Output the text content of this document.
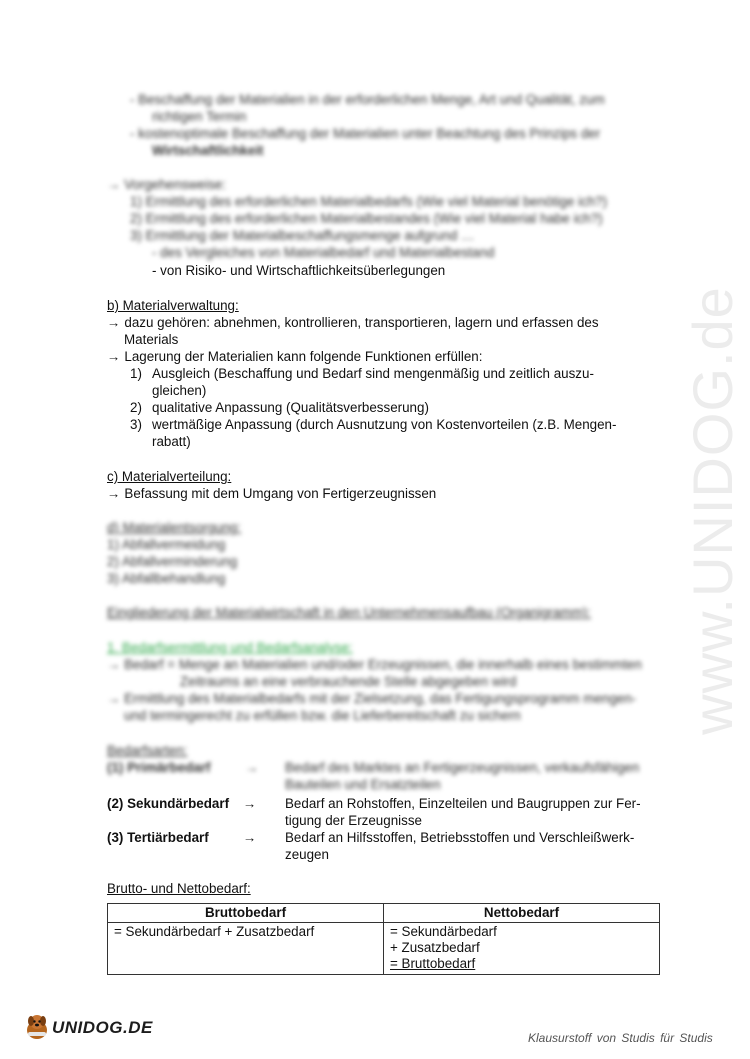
www.UNIDOG.de
- Beschaffung der Materialien in der erforderlichen Menge, Art und Qualität, zum
richtigen Termin
- kostenoptimale Beschaffung der Materialien unter Beachtung des Prinzips der
Wirtschaftlichkeit
→ Vorgehensweise:
1) Ermittlung des erforderlichen Materialbedarfs (Wie viel Material benötige ich?)
2) Ermittlung des erforderlichen Materialbestandes (Wie viel Material habe ich?)
3) Ermittlung der Materialbeschaffungsmenge aufgrund …
- des Vergleiches von Materialbedarf und Materialbestand
- von Risiko- und Wirtschaftlichkeitsüberlegungen
b) Materialverwaltung:
→ dazu gehören: abnehmen, kontrollieren, transportieren, lagern und erfassen des
Materials
→ Lagerung der Materialien kann folgende Funktionen erfüllen:
1) Ausgleich (Beschaffung und Bedarf sind mengenmäßig und zeitlich auszu-
gleichen)
2) qualitative Anpassung (Qualitätsverbesserung)
3) wertmäßige Anpassung (durch Ausnutzung von Kostenvorteilen (z.B. Mengen-
rabatt)
c) Materialverteilung:
→ Befassung mit dem Umgang von Fertigerzeugnissen
d) Materialentsorgung:
1) Abfallvermeidung
2) Abfallverminderung
3) Abfallbehandlung
Eingliederung der Materialwirtschaft in den Unternehmensaufbau (Organigramm):
1. Bedarfsermittlung und Bedarfsanalyse:
→ Bedarf = Menge an Materialien und/oder Erzeugnissen, die innerhalb eines bestimmten
Zeitraums an eine verbrauchende Stelle abgegeben wird
→ Ermittlung des Materialbedarfs mit der Zielsetzung, das Fertigungsprogramm mengen-
und termingerecht zu erfüllen bzw. die Lieferbereitschaft zu sichern
Bedarfsarten:
(1) Primärbedarf	→ Bedarf des Marktes an Fertigerzeugnissen, verkaufsfähigen
Bauteilen und Ersatzteilen
(2) Sekundärbedarf → Bedarf an Rohstoffen, Einzelteilen und Baugruppen zur Fer-
tigung der Erzeugnisse
(3) Tertiärbedarf	→ Bedarf an Hilfsstoffen, Betriebsstoffen und Verschleißwerk-
zeugen
Brutto- und Nettobedarf:
Bruttobedarf	Nettobedarf

= Sekundärbedarf + Zusatzbedarf	= Sekundärbedarf
+ Zusatzbedarf
= Bruttobedarf
UNIDOG.DE
Klausurstoff von Studis für Studis
